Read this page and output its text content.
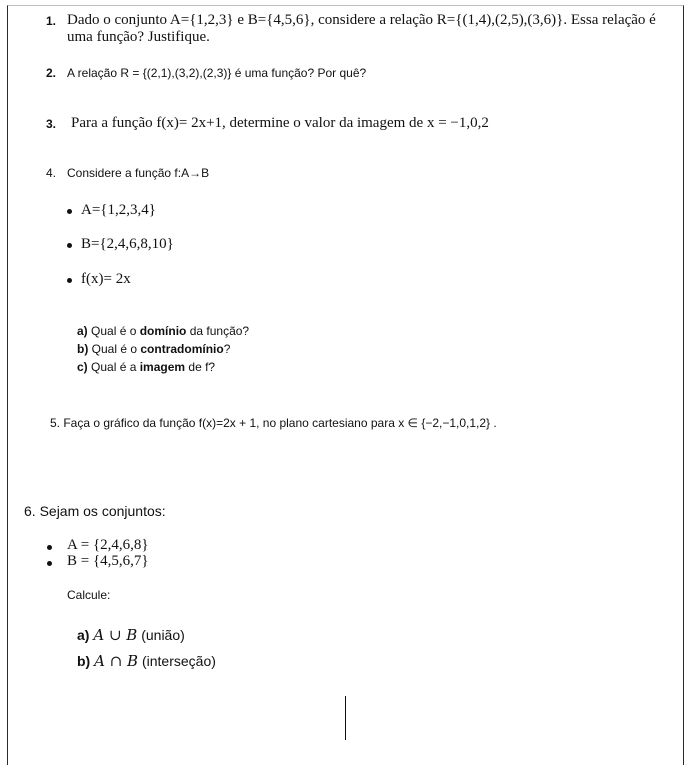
1. Dado o conjunto A={1,2,3} e B={4,5,6}, considere a relação R={(1,4),(2,5),(3,6)}. Essa relação é
uma função? Justifique.
2. A relação R = {(2,1),(3,2),(2,3)} é uma função? Por quê?
3. Para a função f(x)= 2x+1, determine o valor da imagem de x = −1,0,2
4. Considere a função f:A→B
A={1,2,3,4}
B={2,4,6,8,10}
f(x)= 2x
a) Qual é o domínio da função?
b) Qual é o contradomínio?
c) Qual é a imagem de f?
5. Faça o gráfico da função f(x)=2x + 1, no plano cartesiano para x ∈ {−2,−1,0,1,2} .
6. Sejam os conjuntos:
A = {2,4,6,8}
B = {4,5,6,7}
Calcule:
a) A ∪ B (união)
b) A ∩ B (interseção)
